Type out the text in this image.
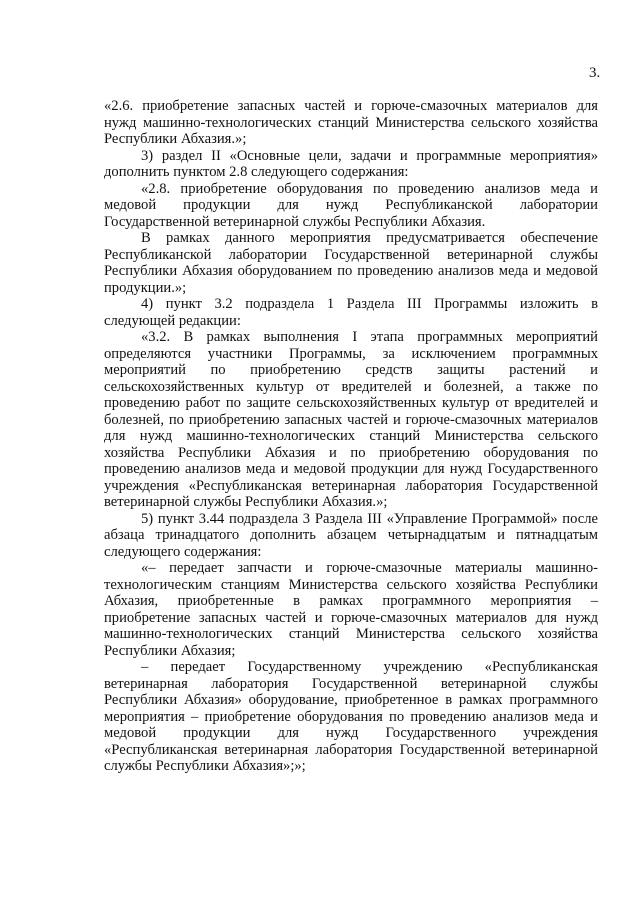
3.

«2.6. приобретение запасных частей и горюче-смазочных материалов для

нужд машинно-технологических станций Министерства сельского хозяйства

Республики Абхазия.»;

3) раздел II «Основные цели, задачи и программные мероприятия»

дополнить пунктом 2.8 следующего содержания:

«2.8. приобретение оборудования по проведению анализов меда и

медовой продукции для нужд Республиканской лаборатории

Государственной ветеринарной службы Республики Абхазия.

В рамках данного мероприятия предусматривается обеспечение

Республиканской лаборатории Государственной ветеринарной службы

Республики Абхазия оборудованием по проведению анализов меда и медовой

продукции.»;

4) пункт 3.2 подраздела 1 Раздела III Программы изложить в

следующей редакции:

«3.2. В рамках выполнения I этапа программных мероприятий

определяются участники Программы, за исключением программных

мероприятий по приобретению средств защиты растений и

сельскохозяйственных культур от вредителей и болезней, а также по

проведению работ по защите сельскохозяйственных культур от вредителей и

болезней, по приобретению запасных частей и горюче-смазочных материалов

для нужд машинно-технологических станций Министерства сельского

хозяйства Республики Абхазия и по приобретению оборудования по

проведению анализов меда и медовой продукции для нужд Государственного

учреждения «Республиканская ветеринарная лаборатория Государственной

ветеринарной службы Республики Абхазия.»;

5) пункт 3.44 подраздела 3 Раздела III «Управление Программой» после

абзаца тринадцатого дополнить абзацем четырнадцатым и пятнадцатым

следующего содержания:

«– передает запчасти и горюче-смазочные материалы машинно-

технологическим станциям Министерства сельского хозяйства Республики

Абхазия, приобретенные в рамках программного мероприятия –

приобретение запасных частей и горюче-смазочных материалов для нужд

машинно-технологических станций Министерства сельского хозяйства

Республики Абхазия;

– передает Государственному учреждению «Республиканская

ветеринарная лаборатория Государственной ветеринарной службы

Республики Абхазия» оборудование, приобретенное в рамках программного

мероприятия – приобретение оборудования по проведению анализов меда и

медовой продукции для нужд Государственного учреждения

«Республиканская ветеринарная лаборатория Государственной ветеринарной

службы Республики Абхазия»;»;
